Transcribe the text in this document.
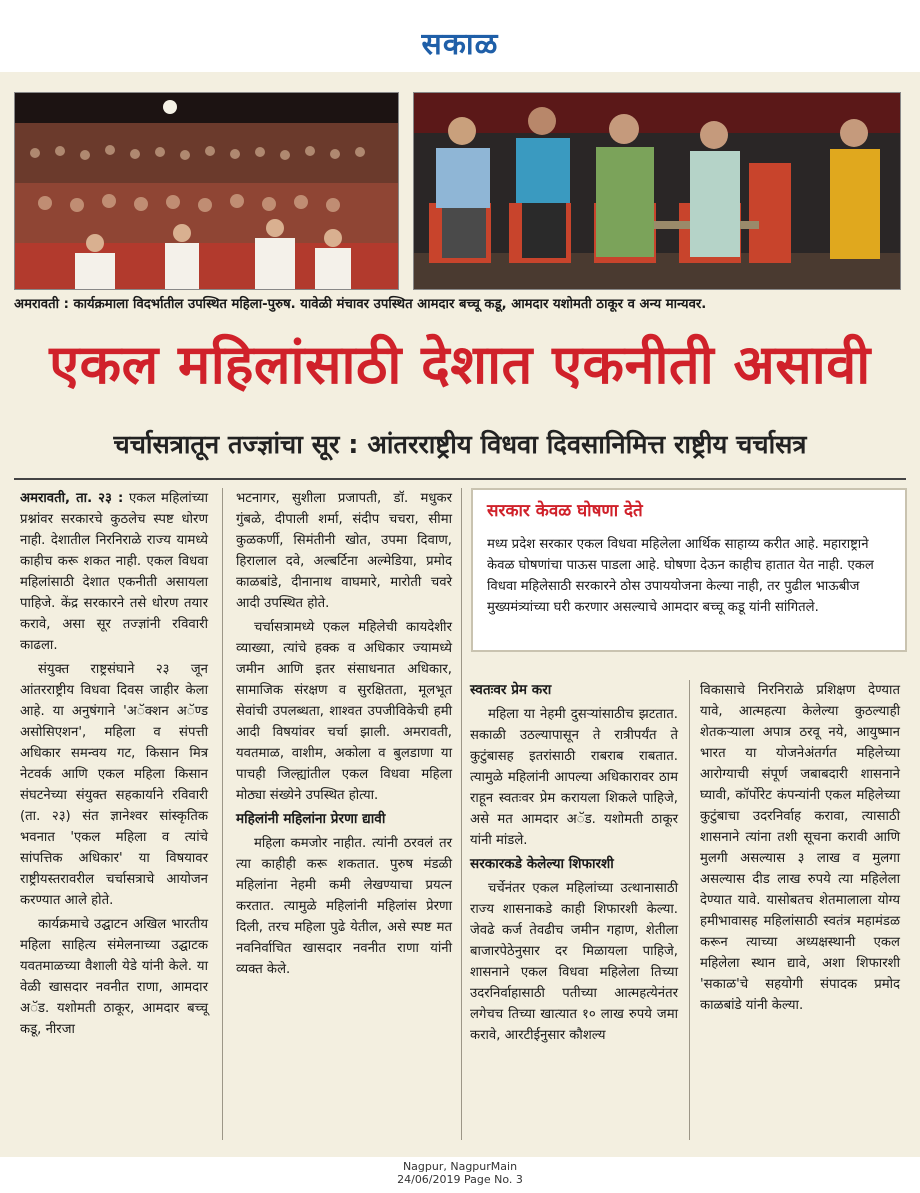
सकाळ
अमरावती : कार्यक्रमाला विदर्भातील उपस्थित महिला-पुरुष. यावेळी मंचावर उपस्थित आमदार बच्चू कडू, आमदार यशोमती ठाकूर व अन्य मान्यवर.
एकल महिलांसाठी देशात एकनीती असावी
चर्चासत्रातून तज्ज्ञांचा सूर : आंतरराष्ट्रीय विधवा दिवसानिमित्त राष्ट्रीय चर्चासत्र

अमरावती, ता. २३ : एकल महिलांच्या प्रश्नांवर सरकारचे कुठलेच स्पष्ट धोरण नाही. देशातील निरनिराळे राज्य यामध्ये काहीच करू शकत नाही. एकल विधवा महिलांसाठी देशात एकनीती असायला पाहिजे. केंद्र सरकारने तसे धोरण तयार करावे, असा सूर तज्ज्ञांनी रविवारी काढला.

संयुक्त राष्ट्रसंघाने २३ जून आंतरराष्ट्रीय विधवा दिवस जाहीर केला आहे. या अनुषंगाने 'अॅक्शन अॅण्ड असोसिएशन', महिला व संपत्ती अधिकार समन्वय गट, किसान मित्र नेटवर्क आणि एकल महिला किसान संघटनेच्या संयुक्त सहकार्याने रविवारी (ता. २३) संत ज्ञानेश्वर सांस्कृतिक भवनात 'एकल महिला व त्यांचे सांपत्तिक अधिकार' या विषयावर राष्ट्रीयस्तरावरील चर्चासत्राचे आयोजन करण्यात आले होते.

कार्यक्रमाचे उद्घाटन अखिल भारतीय महिला साहित्य संमेलनाच्या उद्घाटक यवतमाळच्या वैशाली येडे यांनी केले. या वेळी खासदार नवनीत राणा, आमदार अॅड. यशोमती ठाकूर, आमदार बच्चू कडू, नीरजा

भटनागर, सुशीला प्रजापती, डॉ. मधुकर गुंबळे, दीपाली शर्मा, संदीप चचरा, सीमा कुळकर्णी, सिमंतीनी खोत, उपमा दिवाण, हिरालाल दवे, अल्बर्टिना अल्मेडिया, प्रमोद काळबांडे, दीनानाथ वाघमारे, मारोती चवरे आदी उपस्थित होते.

चर्चासत्रामध्ये एकल महिलेची कायदेशीर व्याख्या, त्यांचे हक्क व अधिकार ज्यामध्ये जमीन आणि इतर संसाधनात अधिकार, सामाजिक संरक्षण व सुरक्षितता, मूलभूत सेवांची उपलब्धता, शाश्वत उपजीविकेची हमी आदी विषयांवर चर्चा झाली. अमरावती, यवतमाळ, वाशीम, अकोला व बुलडाणा या पाचही जिल्ह्यांतील एकल विधवा महिला मोठ्या संख्येने उपस्थित होत्या.

महिलांनी महिलांना प्रेरणा द्यावी

महिला कमजोर नाहीत. त्यांनी ठरवलं तर त्या काहीही करू शकतात. पुरुष मंडळी महिलांना नेहमी कमी लेखण्याचा प्रयत्न करतात. त्यामुळे महिलांनी महिलांस प्रेरणा दिली, तरच महिला पुढे येतील, असे स्पष्ट मत नवनिर्वाचित खासदार नवनीत राणा यांनी व्यक्त केले.

सरकार केवळ घोषणा देते
मध्य प्रदेश सरकार एकल विधवा महिलेला आर्थिक साहाय्य करीत आहे. महाराष्ट्राने केवळ घोषणांचा पाऊस पाडला आहे. घोषणा देऊन काहीच हातात येत नाही. एकल विधवा महिलेसाठी सरकारने ठोस उपाययोजना केल्या नाही, तर पुढील भाऊबीज मुख्यमंत्र्यांच्या घरी करणार असल्याचे आमदार बच्चू कडू यांनी सांगितले.

स्वतःवर प्रेम करा

महिला या नेहमी दुसऱ्यांसाठीच झटतात. सकाळी उठल्यापासून ते रात्रीपर्यंत ते कुटुंबासह इतरांसाठी राबराब राबतात. त्यामुळे महिलांनी आपल्या अधिकारावर ठाम राहून स्वतःवर प्रेम करायला शिकले पाहिजे, असे मत आमदार अॅड. यशोमती ठाकूर यांनी मांडले.

सरकारकडे केलेल्या शिफारशी

चर्चेनंतर एकल महिलांच्या उत्थानासाठी राज्य शासनाकडे काही शिफारशी केल्या. जेवढे कर्ज तेवढीच जमीन गहाण, शेतीला बाजारपेठेनुसार दर मिळायला पाहिजे, शासनाने एकल विधवा महिलेला तिच्या उदरनिर्वाहासाठी पतीच्या आत्महत्येनंतर लगेचच तिच्या खात्यात १० लाख रुपये जमा करावे, आरटीईनुसार कौशल्य

विकासाचे निरनिराळे प्रशिक्षण देण्यात यावे, आत्महत्या केलेल्या कुठल्याही शेतकऱ्याला अपात्र ठरवू नये, आयुष्मान भारत या योजनेअंतर्गत महिलेच्या आरोग्याची संपूर्ण जबाबदारी शासनाने घ्यावी, कॉर्पोरेट कंपन्यांनी एकल महिलेच्या कुटुंबाचा उदरनिर्वाह करावा, त्यासाठी शासनाने त्यांना तशी सूचना करावी आणि मुलगी असल्यास ३ लाख व मुलगा असल्यास दीड लाख रुपये त्या महिलेला देण्यात यावे. यासोबतच शेतमालाला योग्य हमीभावासह महिलांसाठी स्वतंत्र महामंडळ करून त्याच्या अध्यक्षस्थानी एकल महिलेला स्थान द्यावे, अशा शिफारशी 'सकाळ'चे सहयोगी संपादक प्रमोद काळबांडे यांनी केल्या.

Nagpur, NagpurMain
24/06/2019 Page No. 3
